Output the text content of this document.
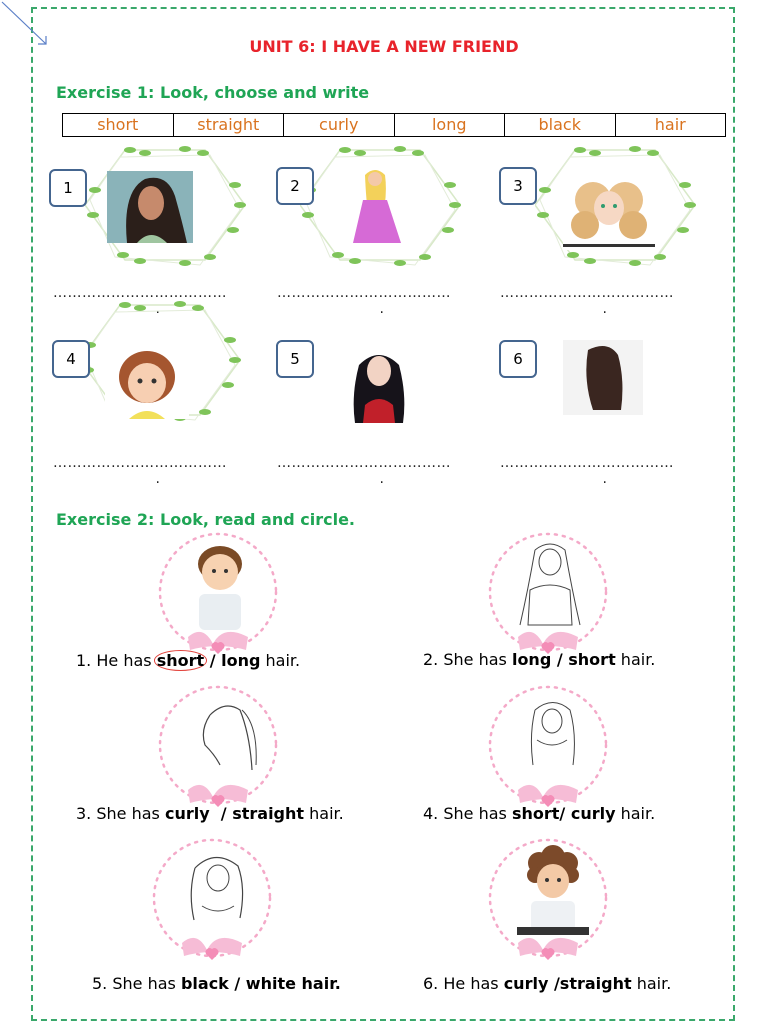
UNIT 6: I HAVE A NEW FRIEND
Exercise 1: Look, choose and write
short	straight	curly	long	black	hair
1
………………………………
.
2
………………………………
.
3
………………………………
.
4
………………………………
.
5
………………………………
.
6
………………………………
.
Exercise 2: Look, read and circle.
1. He has short / long hair.	2. She has long / short hair.
3. She has curly  / straight hair.	4. She has short/ curly hair.
5. She has black / white hair.	6. He has curly /straight hair.
